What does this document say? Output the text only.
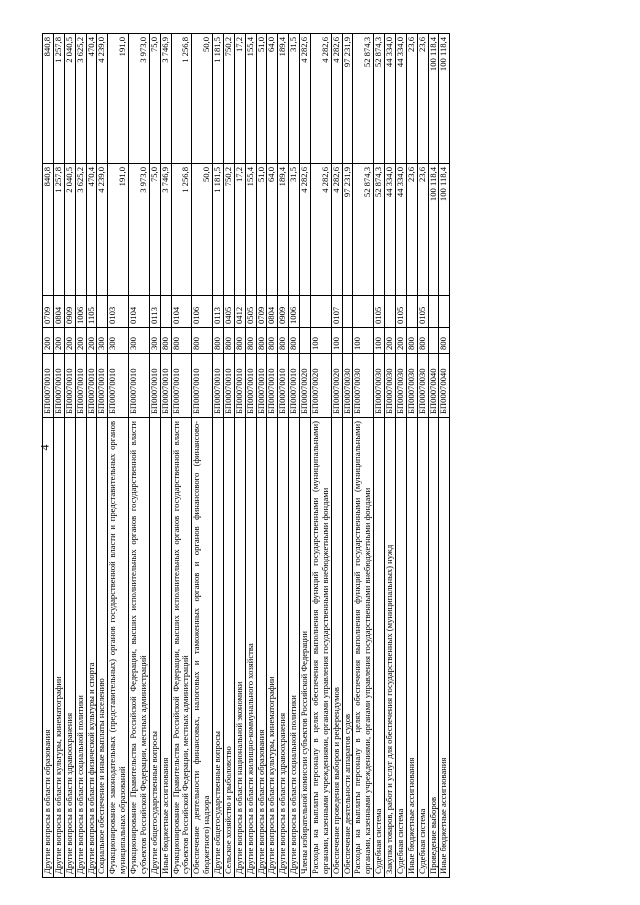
4
Другие вопросы в области образования	БП00070010	200	0709	840,8	840,8
Другие вопросы в области культуры, кинематографии	БП00070010	200	0804	1 257,8	1 257,8
Другие вопросы в области здравоохранения	БП00070010	200	0909	2 040,5	2 040,5
Другие вопросы в области социальной политики	БП00070010	200	1006	3 625,2	3 625,2
Другие вопросы в области физической культуры и спорта	БП00070010	200	1105	470,4	470,4
Социальное обеспечение и иные выплаты населению	БП00070010	300		4 239,0	4 239,0
Функционирование законодательных (представительных) органов государственной власти и представительных органов муниципальных образований	БП00070010	300	0103	191,0	191,0
Функционирование Правительства Российской Федерации, высших исполнительных органов государственной власти субъектов Российской Федерации, местных администраций	БП00070010	300	0104	3 973,0	3 973,0
Другие общегосударственные вопросы	БП00070010	300	0113	75,0	75,0
Иные бюджетные ассигнования	БП00070010	800		3 746,9	3 746,9
Функционирование Правительства Российской Федерации, высших исполнительных органов государственной власти субъектов Российской Федерации, местных администраций	БП00070010	800	0104	1 256,8	1 256,8
Обеспечение деятельности финансовых, налоговых и таможенных органов и органов финансового (финансово-бюджетного) надзора	БП00070010	800	0106	50,0	50,0
Другие общегосударственные вопросы	БП00070010	800	0113	1 181,5	1 181,5
Сельское хозяйство и рыболовство	БП00070010	800	0405	750,2	750,2
Другие вопросы в области национальной экономики	БП00070010	800	0412	17,2	17,2
Другие вопросы в области жилищно-коммунального хозяйства	БП00070010	800	0505	155,4	155,4
Другие вопросы в области образования	БП00070010	800	0709	51,0	51,0
Другие вопросы в области культуры, кинематографии	БП00070010	800	0804	64,0	64,0
Другие вопросы в области здравоохранения	БП00070010	800	0909	189,4	189,4
Другие вопросы в области социальной политики	БП00070010	800	1006	31,5	31,5
Члены избирательной комиссии субъектов Российской Федерации	БП00070020			4 282,6	4 282,6
Расходы на выплаты персоналу в целях обеспечения выполнения функций государственными (муниципальными) органами, казенными учреждениями, органами управления государственными внебюджетными фондами	БП00070020	100		4 282,6	4 282,6
Обеспечение проведения выборов и референдумов	БП00070020	100	0107	4 282,6	4 282,6
Обеспечение деятельности аппаратов судов	БП00070030			97 231,9	97 231,9
Расходы на выплаты персоналу в целях обеспечения выполнения функций государственными (муниципальными) органами, казенными учреждениями, органами управления государственными внебюджетными фондами	БП00070030	100		52 874,3	52 874,3
Судебная система	БП00070030	100	0105	52 874,3	52 874,3
Закупка товаров, работ и услуг для обеспечения государственных (муниципальных) нужд	БП00070030	200		44 334,0	44 334,0
Судебная система	БП00070030	200	0105	44 334,0	44 334,0
Иные бюджетные ассигнования	БП00070030	800		23,6	23,6
Судебная система	БП00070030	800	0105	23,6	23,6
Проведение выборов	БП00070040			100 118,4	100 118,4
Иные бюджетные ассигнования	БП00070040	800		100 118,4	100 118,4
